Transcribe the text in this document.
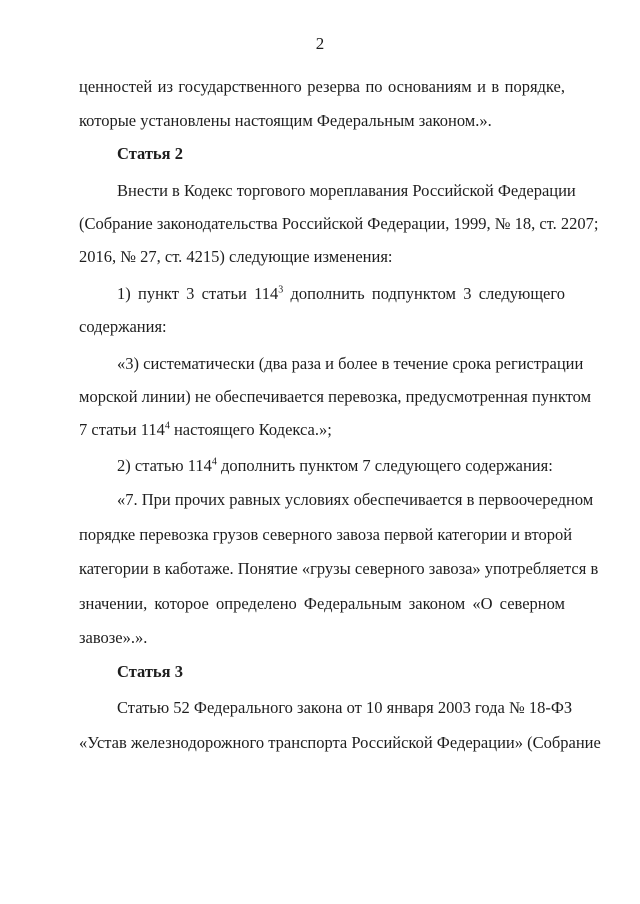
2
ценностей из государственного резерва по основаниям и в порядке,
которые установлены настоящим Федеральным законом.».
Статья 2
Внести в Кодекс торгового мореплавания Российской Федерации
(Собрание законодательства Российской Федерации, 1999, № 18, ст. 2207;
2016, № 27, ст. 4215) следующие изменения:
1) пункт 3 статьи $114^3$ дополнить подпунктом 3 следующего
содержания:
«3) систематически (два раза и более в течение срока регистрации
морской линии) не обеспечивается перевозка, предусмотренная пунктом
7 статьи $114^4$ настоящего Кодекса.»;
2) статью $114^4$ дополнить пунктом 7 следующего содержания:
«7. При прочих равных условиях обеспечивается в первоочередном
порядке перевозка грузов северного завоза первой категории и второй
категории в каботаже. Понятие «грузы северного завоза» употребляется в
значении, которое определено Федеральным законом «О северном
завозе».».
Статья 3
Статью 52 Федерального закона от 10 января 2003 года № 18-ФЗ
«Устав железнодорожного транспорта Российской Федерации» (Собрание
